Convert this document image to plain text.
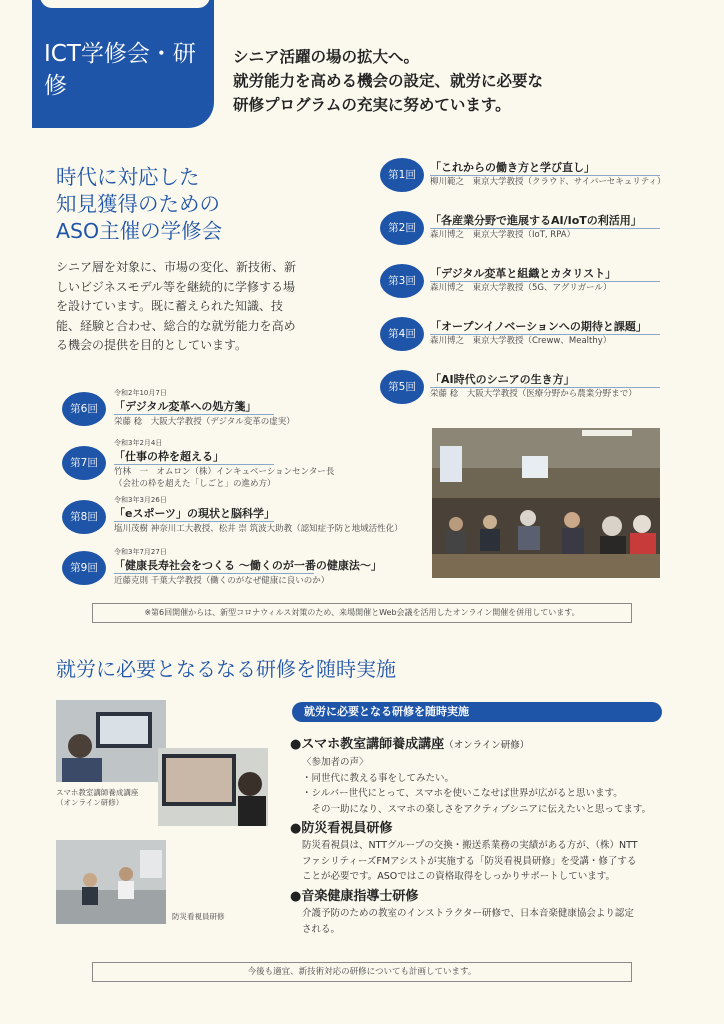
ICT学修会・研修
シニア活躍の場の拡大へ。
就労能力を高める機会の設定、就労に必要な
研修プログラムの充実に努めています。
時代に対応した
知見獲得のための
ASO主催の学修会
シニア層を対象に、市場の変化、新技術、新しいビジネスモデル等を継続的に学修する場を設けています。既に蓄えられた知識、技能、経験と合わせ、総合的な就労能力を高める機会の提供を目的としています。
第1回
「これからの働き方と学び直し」
柳川範之　東京大学教授（クラウド、サイバーセキュリティ）
第2回
「各産業分野で進展するAI/IoTの利活用」
森川博之　東京大学教授（IoT, RPA）
第3回
「デジタル変革と組織とカタリスト」
森川博之　東京大学教授（5G、アグリガール）
第4回
「オープンイノベーションへの期待と課題」
森川博之　東京大学教授（Creww、Mealthy）
第5回
「AI時代のシニアの生き方」
栄藤 稔　大阪大学教授（医療分野から農業分野まで）
第6回
令和2年10月7日
「デジタル変革への処方箋」
栄藤 稔　大阪大学教授（デジタル変革の虚実）
第7回
令和3年2月4日
「仕事の枠を超える」
竹林　一　オムロン（株）インキュベーションセンター長
（会社の枠を超えた「しごと」の進め方）
第8回
令和3年3月26日
「eスポーツ」の現状と脳科学」
塩川茂樹 神奈川工大教授、松井 崇 筑波大助教（認知症予防と地域活性化）
第9回
令和3年7月27日
「健康長寿社会をつくる 〜働くのが一番の健康法〜」
近藤克則 千葉大学教授（働くのがなぜ健康に良いのか）
※第6回開催からは、新型コロナウィルス対策のため、来場開催とWeb会議を活用したオンライン開催を併用しています。
就労に必要となるなる研修を随時実施
スマホ教室講師養成講座
（オンライン研修）
防災看視員研修
就労に必要となる研修を随時実施
●スマホ教室講師養成講座（オンライン研修）
〈参加者の声〉
・同世代に教える事をしてみたい。
・シルバー世代にとって、スマホを使いこなせば世界が広がると思います。
　その一助になり、スマホの楽しさをアクティブシニアに伝えたいと思ってます。
●防災看視員研修
防災看視員は、NTTグループの交換・搬送系業務の実績がある方が、（株）NTT
ファシリティーズFMアシストが実施する「防災看視員研修」を受講・修了する
ことが必要です。ASOではこの資格取得をしっかりサポートしています。
●音楽健康指導士研修
介護予防のための教室のインストラクター研修で、日本音楽健康協会より認定
される。
今後も適宜、新技術対応の研修についても計画しています。
